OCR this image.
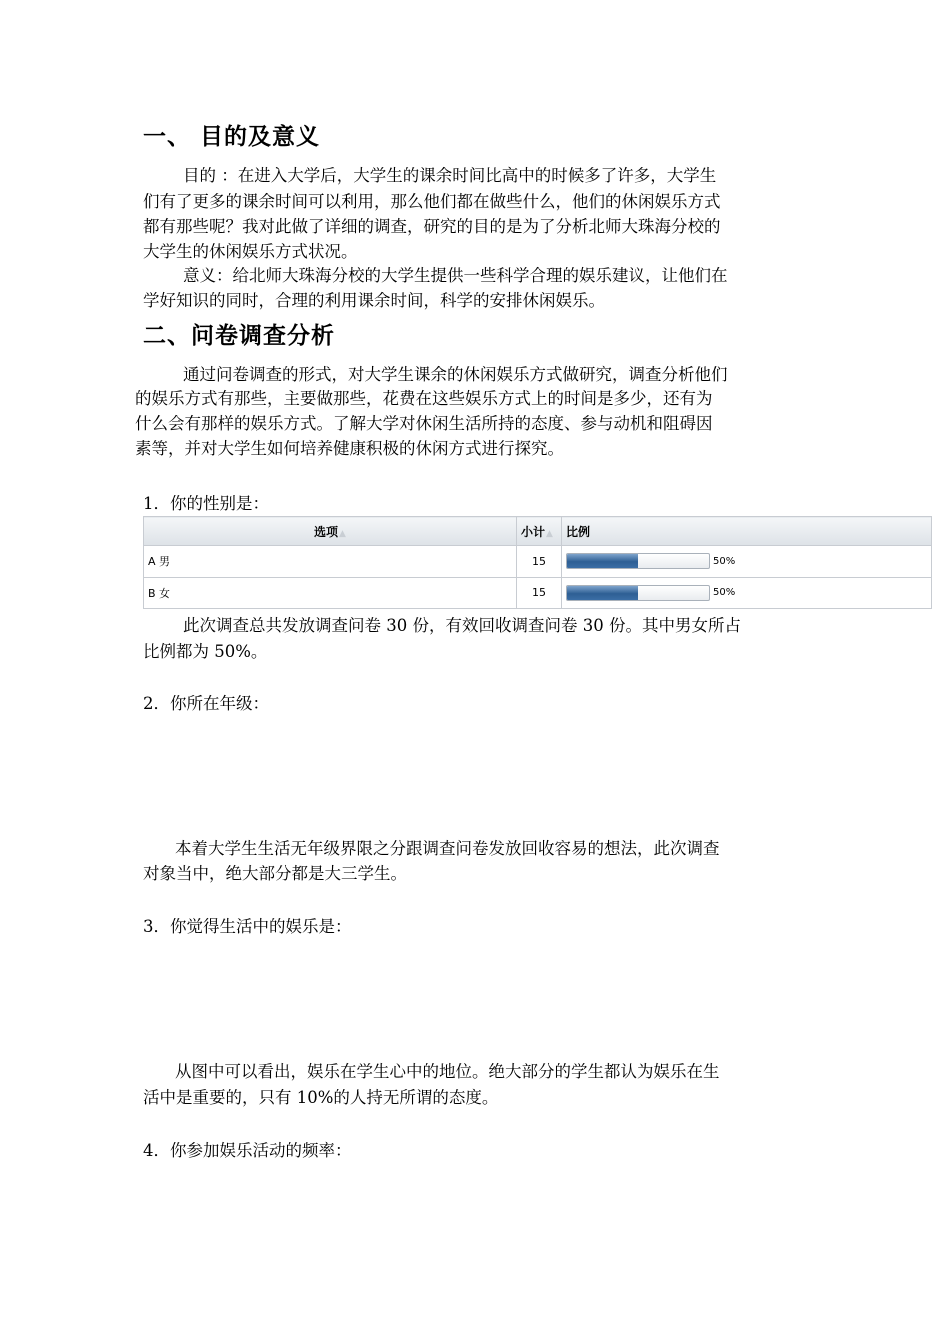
一、 目的及意义
目的 ：在进入大学后，大学生的课余时间比高中的时候多了许多，大学生
们有了更多的课余时间可以利用，那么他们都在做些什么，他们的休闲娱乐方式
都有那些呢？我对此做了详细的调查，研究的目的是为了分析北师大珠海分校的
大学生的休闲娱乐方式状况。
意义：给北师大珠海分校的大学生提供一些科学合理的娱乐建议，让他们在
学好知识的同时，合理的利用课余时间，科学的安排休闲娱乐。
二、问卷调查分析
通过问卷调查的形式，对大学生课余的休闲娱乐方式做研究，调查分析他们
的娱乐方式有那些，主要做那些，花费在这些娱乐方式上的时间是多少，还有为
什么会有那样的娱乐方式。了解大学对休闲生活所持的态度、参与动机和阻碍因
素等，并对大学生如何培养健康积极的休闲方式进行探究。
1．你的性别是：
选项▲	小计▲	比例
A 男	15	50%
B 女	15	50%
此次调查总共发放调查问卷 30 份，有效回收调查问卷 30 份。其中男女所占
比例都为 50%。
2．你所在年级：
本着大学生生活无年级界限之分跟调查问卷发放回收容易的想法，此次调查
对象当中，绝大部分都是大三学生。
3．你觉得生活中的娱乐是：
从图中可以看出，娱乐在学生心中的地位。绝大部分的学生都认为娱乐在生
活中是重要的，只有 10%的人持无所谓的态度。
4．你参加娱乐活动的频率：
